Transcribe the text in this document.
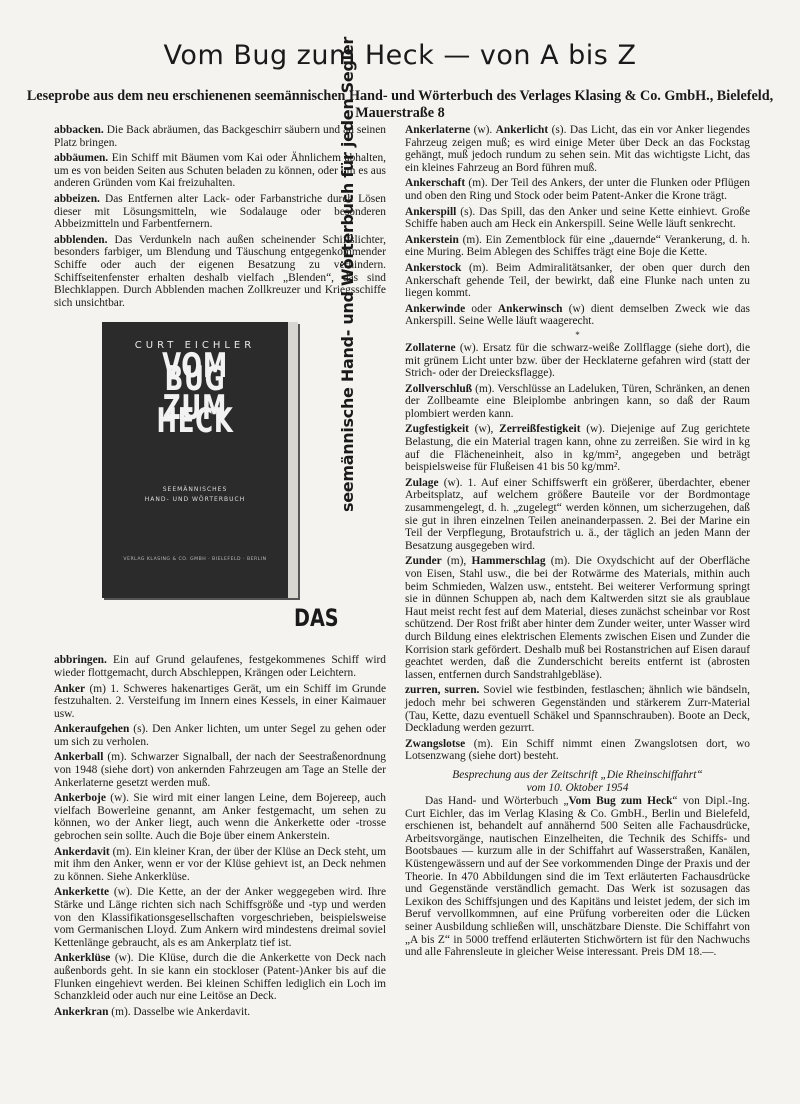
Vom Bug zum Heck — von A bis Z
Leseprobe aus dem neu erschienenen seemännischen Hand- und Wörterbuch des Verlages Klasing & Co. GmbH., Bielefeld, Mauerstraße 8

abbacken. Die Back abräumen, das Backgeschirr säubern und an seinen Platz bringen.

abbäumen. Ein Schiff mit Bäumen vom Kai oder Ähnlichem abhalten, um es von beiden Seiten aus Schuten beladen zu können, oder um es aus anderen Gründen vom Kai freizuhalten.

abbeizen. Das Entfernen alter Lack- oder Farbanstriche durch Lösen dieser mit Lösungsmitteln, wie Sodalauge oder besonderen Abbeizmitteln und Farbentfernern.

abblenden. Das Verdunkeln nach außen scheinender Schiffslichter, besonders farbiger, um Blendung und Täuschung entgegenkommender Schiffe oder auch der eigenen Besatzung zu verhindern. Schiffseitenfenster erhalten deshalb vielfach „Blenden“, das sind Blechklappen. Durch Abblenden machen Zollkreuzer und Kriegsschiffe sich unsichtbar.

CURT EICHLER
VOM BUG
ZUM HECK
SEEMÄNNISCHES
HAND- UND WÖRTERBUCH
VERLAG KLASING & CO. GMBH · BIELEFELD · BERLIN
seemännische Hand- und Wörterbuch für jeden Segler
DAS

abbringen. Ein auf Grund gelaufenes, festgekommenes Schiff wird wieder flottgemacht, durch Abschleppen, Krängen oder Leichtern.

Anker (m) 1. Schweres hakenartiges Gerät, um ein Schiff im Grunde festzuhalten. 2. Versteifung im Innern eines Kessels, in einer Kaimauer usw.

Ankeraufgehen (s). Den Anker lichten, um unter Segel zu gehen oder um sich zu verholen.

Ankerball (m). Schwarzer Signalball, der nach der Seestraßenordnung von 1948 (siehe dort) von ankernden Fahrzeugen am Tage an Stelle der Ankerlaterne gesetzt werden muß.

Ankerboje (w). Sie wird mit einer langen Leine, dem Bojereep, auch vielfach Bowerleine genannt, am Anker festgemacht, um sehen zu können, wo der Anker liegt, auch wenn die Ankerkette oder -trosse gebrochen sein sollte. Auch die Boje über einem Ankerstein.

Ankerdavit (m). Ein kleiner Kran, der über der Klüse an Deck steht, um mit ihm den Anker, wenn er vor der Klüse gehievt ist, an Deck nehmen zu können. Siehe Ankerklüse.

Ankerkette (w). Die Kette, an der der Anker weggegeben wird. Ihre Stärke und Länge richten sich nach Schiffsgröße und -typ und werden von den Klassifikationsgesellschaften vorgeschrieben, beispielsweise vom Germanischen Lloyd. Zum Ankern wird mindestens dreimal soviel Kettenlänge gebraucht, als es am Ankerplatz tief ist.

Ankerklüse (w). Die Klüse, durch die die Ankerkette von Deck nach außenbords geht. In sie kann ein stockloser (Patent-)Anker bis auf die Flunken eingehievt werden. Bei kleinen Schiffen lediglich ein Loch im Schanzkleid oder auch nur eine Leitöse an Deck.

Ankerkran (m). Dasselbe wie Ankerdavit.

Ankerlaterne (w). Ankerlicht (s). Das Licht, das ein vor Anker liegendes Fahrzeug zeigen muß; es wird einige Meter über Deck an das Fockstag gehängt, muß jedoch rundum zu sehen sein. Mit das wichtigste Licht, das ein kleines Fahrzeug an Bord führen muß.

Ankerschaft (m). Der Teil des Ankers, der unter die Flunken oder Pflügen und oben den Ring und Stock oder beim Patent-Anker die Krone trägt.

Ankerspill (s). Das Spill, das den Anker und seine Kette einhievt. Große Schiffe haben auch am Heck ein Ankerspill. Seine Welle läuft senkrecht.

Ankerstein (m). Ein Zementblock für eine „dauernde“ Verankerung, d. h. eine Muring. Beim Ablegen des Schiffes trägt eine Boje die Kette.

Ankerstock (m). Beim Admiralitätsanker, der oben quer durch den Ankerschaft gehende Teil, der bewirkt, daß eine Flunke nach unten zu liegen kommt.

Ankerwinde oder Ankerwinsch (w) dient demselben Zweck wie das Ankerspill. Seine Welle läuft waagerecht.

*

Zollaterne (w). Ersatz für die schwarz-weiße Zollflagge (siehe dort), die mit grünem Licht unter bzw. über der Hecklaterne gefahren wird (statt der Strich- oder der Dreiecksflagge).

Zollverschluß (m). Verschlüsse an Ladeluken, Türen, Schränken, an denen der Zollbeamte eine Bleiplombe anbringen kann, so daß der Raum plombiert werden kann.

Zugfestigkeit (w), Zerreißfestigkeit (w). Diejenige auf Zug gerichtete Belastung, die ein Material tragen kann, ohne zu zerreißen. Sie wird in kg auf die Flächeneinheit, also in kg/mm², angegeben und beträgt beispielsweise für Flußeisen 41 bis 50 kg/mm².

Zulage (w). 1. Auf einer Schiffswerft ein größerer, überdachter, ebener Arbeitsplatz, auf welchem größere Bauteile vor der Bordmontage zusammengelegt, d. h. „zugelegt“ werden können, um sicherzugehen, daß sie gut in ihren einzelnen Teilen aneinanderpassen. 2. Bei der Marine ein Teil der Verpflegung, Brotaufstrich u. ä., der täglich an jeden Mann der Besatzung ausgegeben wird.

Zunder (m), Hammerschlag (m). Die Oxydschicht auf der Oberfläche von Eisen, Stahl usw., die bei der Rotwärme des Materials, mithin auch beim Schmieden, Walzen usw., entsteht. Bei weiterer Verformung springt sie in dünnen Schuppen ab, nach dem Kaltwerden sitzt sie als graublaue Haut meist recht fest auf dem Material, dieses zunächst scheinbar vor Rost schützend. Der Rost frißt aber hinter dem Zunder weiter, unter Wasser wird durch Bildung eines elektrischen Elements zwischen Eisen und Zunder die Korrision stark gefördert. Deshalb muß bei Rostanstrichen auf Eisen darauf geachtet werden, daß die Zunderschicht bereits entfernt ist (abrosten lassen, entfernen durch Sandstrahlgebläse).

zurren, surren. Soviel wie festbinden, festlaschen; ähnlich wie bändseln, jedoch mehr bei schweren Gegenständen und stärkerem Zurr-Material (Tau, Kette, dazu eventuell Schäkel und Spannschrauben). Boote an Deck, Deckladung werden gezurrt.

Zwangslotse (m). Ein Schiff nimmt einen Zwangslotsen dort, wo Lotsenzwang (siehe dort) besteht.

Besprechung aus der Zeitschrift „Die Rheinschiffahrt“
vom 10. Oktober 1954

Das Hand- und Wörterbuch „Vom Bug zum Heck“ von Dipl.-Ing. Curt Eichler, das im Verlag Klasing & Co. GmbH., Berlin und Bielefeld, erschienen ist, behandelt auf annähernd 500 Seiten alle Fachausdrücke, Arbeitsvorgänge, nautischen Einzelheiten, die Technik des Schiffs- und Bootsbaues — kurzum alle in der Schiffahrt auf Wasserstraßen, Kanälen, Küstengewässern und auf der See vorkommenden Dinge der Praxis und der Theorie. In 470 Abbildungen sind die im Text erläuterten Fachausdrücke und Gegenstände verständlich gemacht. Das Werk ist sozusagen das Lexikon des Schiffsjungen und des Kapitäns und leistet jedem, der sich im Beruf vervollkommnen, auf eine Prüfung vorbereiten oder die Lücken seiner Ausbildung schließen will, unschätzbare Dienste. Die Schiffahrt von „A bis Z“ in 5000 treffend erläuterten Stichwörtern ist für den Nachwuchs und alle Fahrensleute in gleicher Weise interessant. Preis DM 18.—.
